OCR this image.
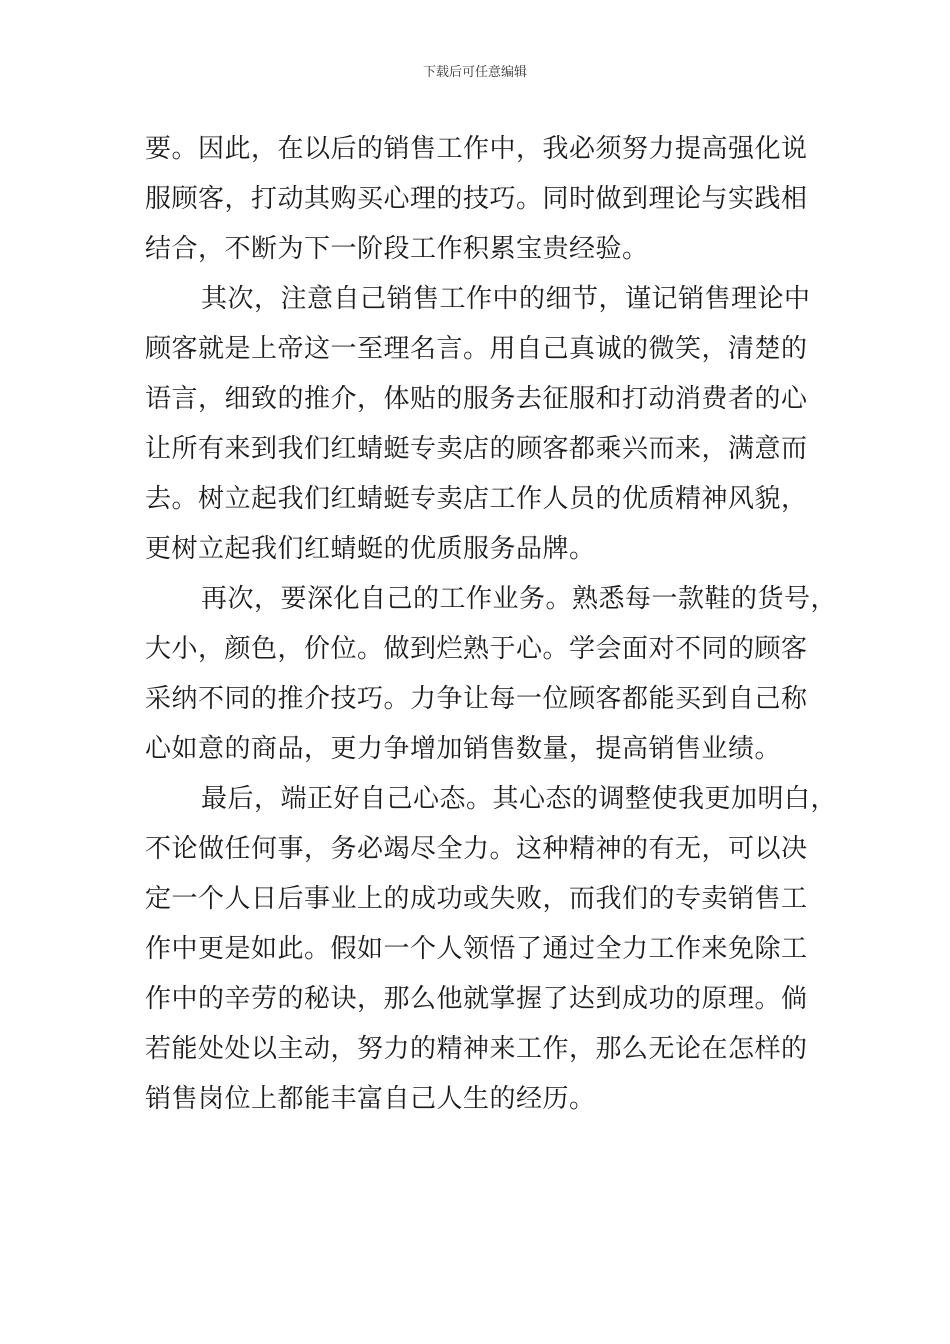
下载后可任意编辑
要。因此，在以后的销售工作中，我必须努力提高强化说
服顾客，打动其购买心理的技巧。同时做到理论与实践相
结合，不断为下一阶段工作积累宝贵经验。
其次，注意自己销售工作中的细节，谨记销售理论中
顾客就是上帝这一至理名言。用自己真诚的微笑，清楚的
语言，细致的推介，体贴的服务去征服和打动消费者的心
让所有来到我们红蜻蜓专卖店的顾客都乘兴而来，满意而
去。树立起我们红蜻蜓专卖店工作人员的优质精神风貌，
更树立起我们红蜻蜓的优质服务品牌。
再次，要深化自己的工作业务。熟悉每一款鞋的货号，
大小，颜色，价位。做到烂熟于心。学会面对不同的顾客
采纳不同的推介技巧。力争让每一位顾客都能买到自己称
心如意的商品，更力争增加销售数量，提高销售业绩。
最后，端正好自己心态。其心态的调整使我更加明白，
不论做任何事，务必竭尽全力。这种精神的有无，可以决
定一个人日后事业上的成功或失败，而我们的专卖销售工
作中更是如此。假如一个人领悟了通过全力工作来免除工
作中的辛劳的秘诀，那么他就掌握了达到成功的原理。倘
若能处处以主动，努力的精神来工作，那么无论在怎样的
销售岗位上都能丰富自己人生的经历。
